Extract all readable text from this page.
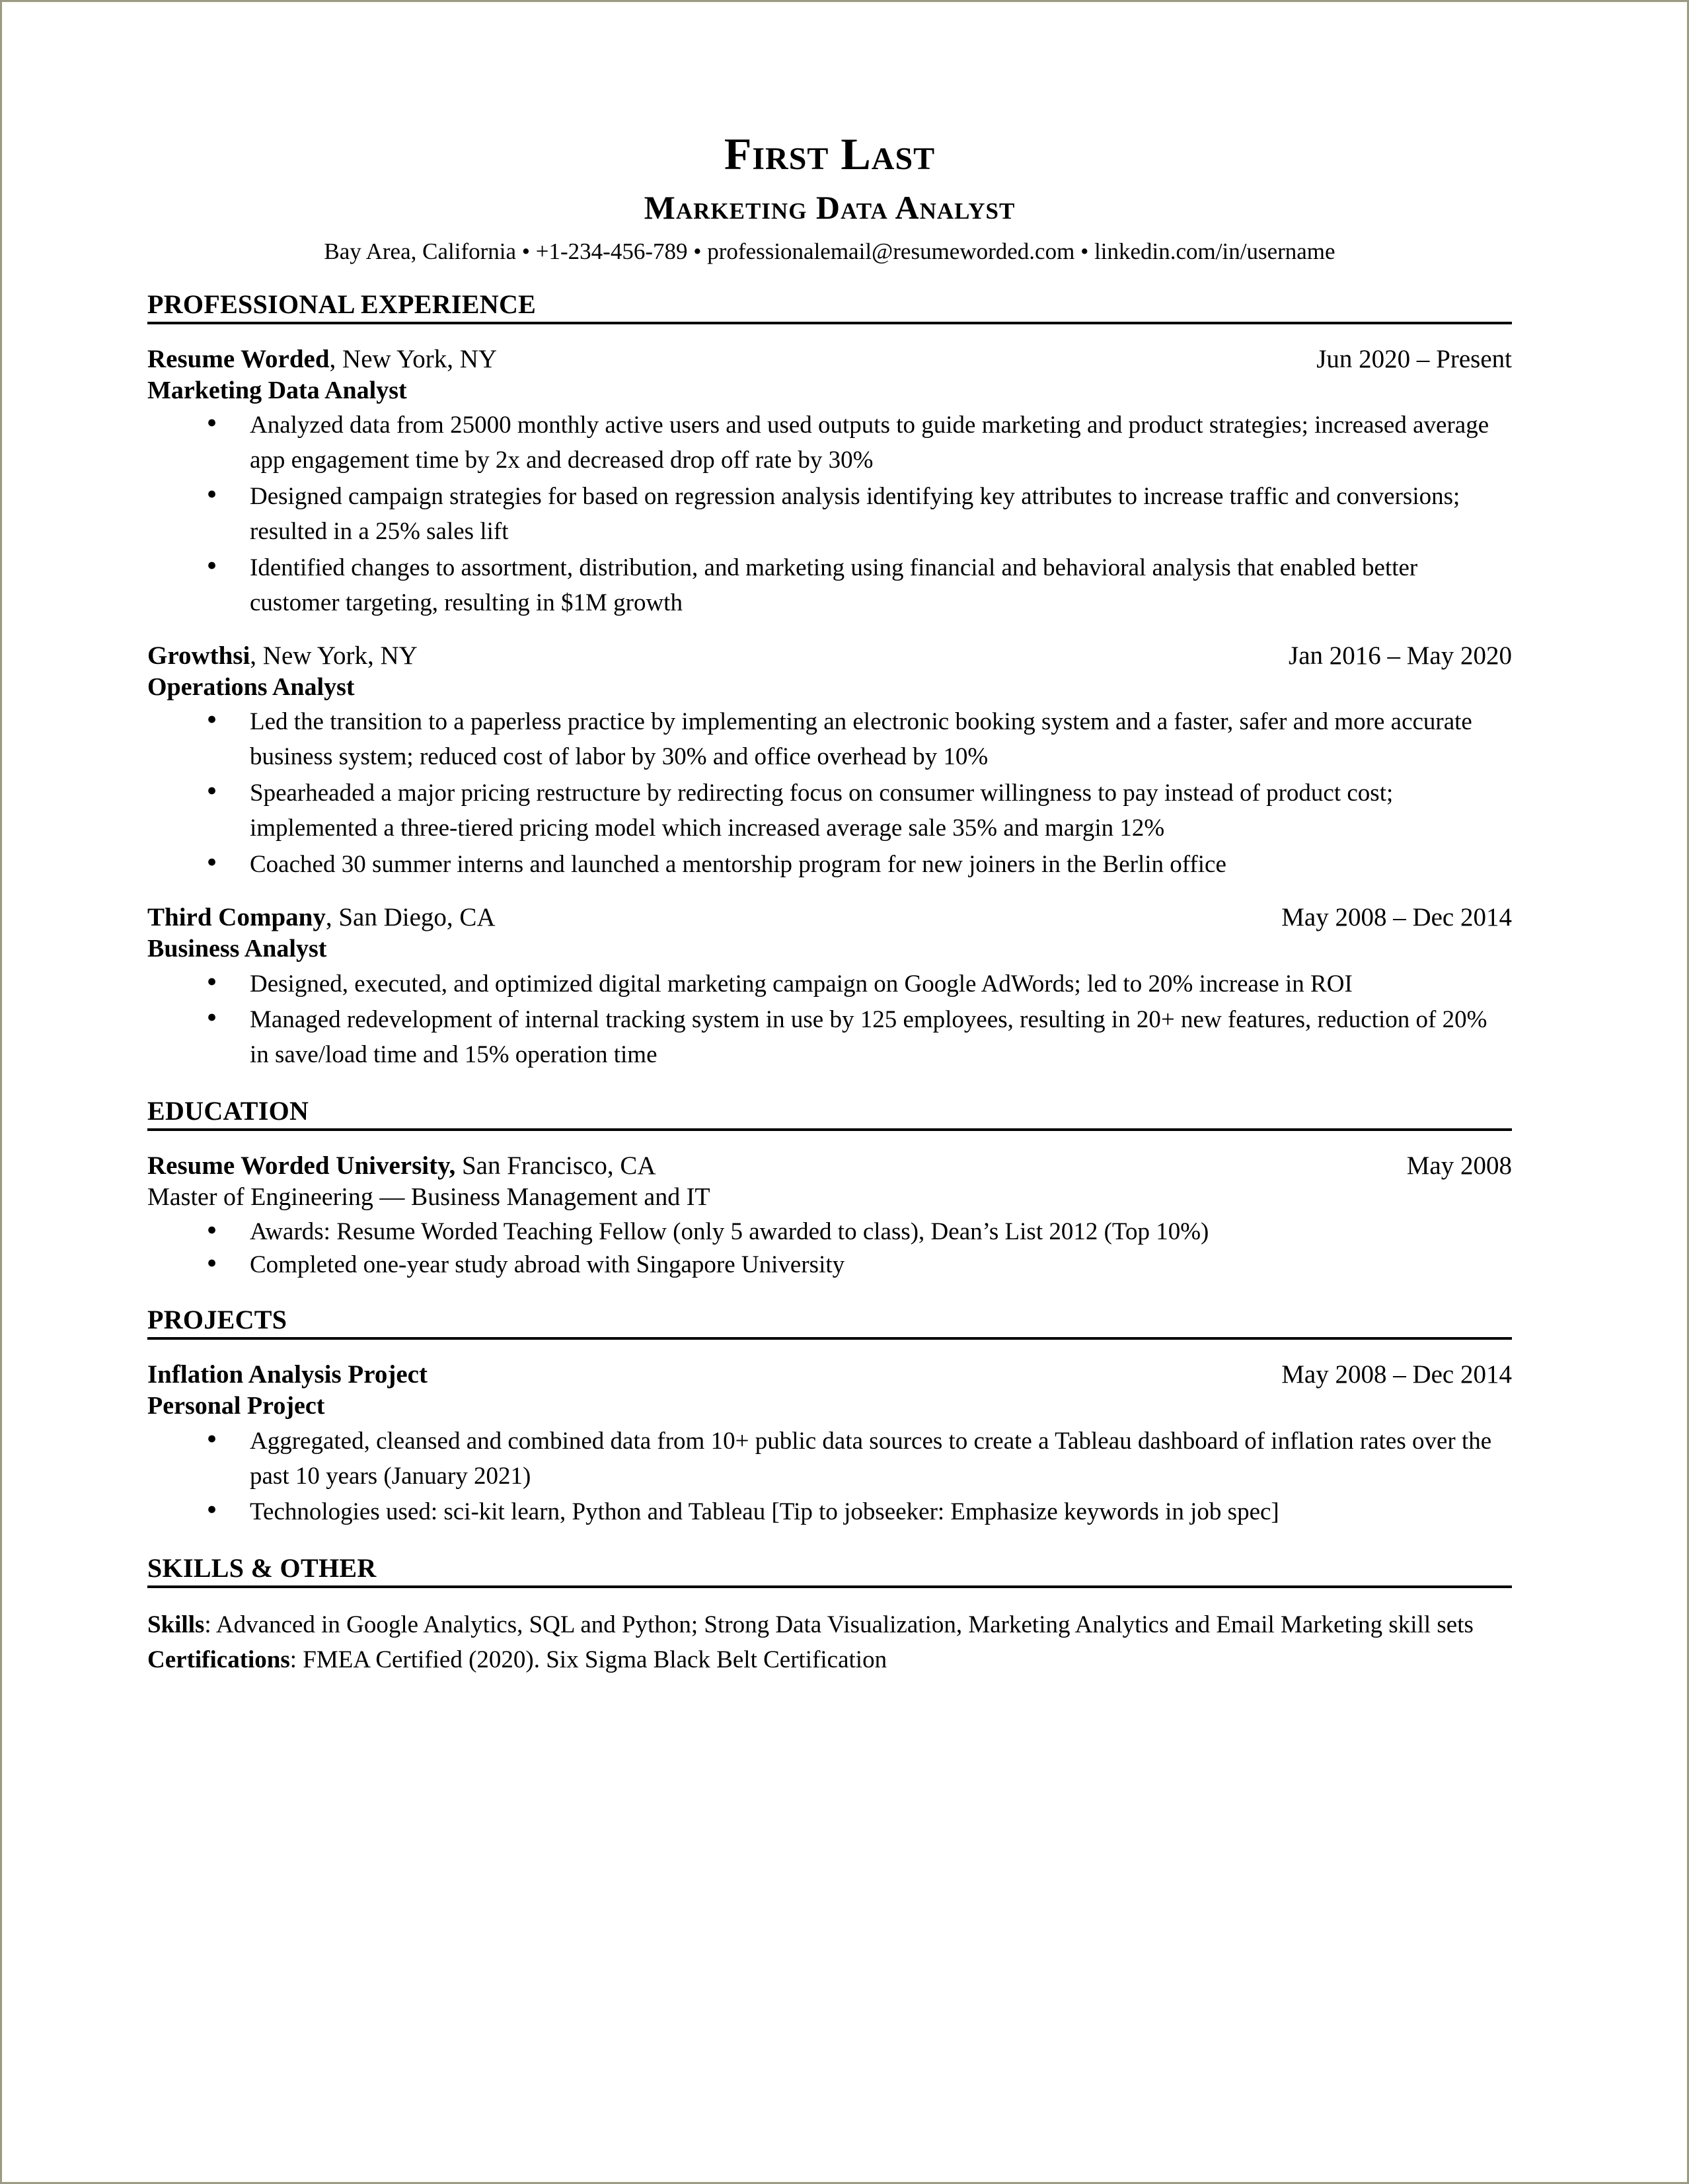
First Last
Marketing Data Analyst
Bay Area, California • +1-234-456-789 • professionalemail@resumeworded.com • linkedin.com/in/username
PROFESSIONAL EXPERIENCE
Resume Worded, New York, NY	Jun 2020 – Present
Marketing Data Analyst
● Analyzed data from 25000 monthly active users and used outputs to guide marketing and product strategies; increased average app engagement time by 2x and decreased drop off rate by 30%
● Designed campaign strategies for based on regression analysis identifying key attributes to increase traffic and conversions; resulted in a 25% sales lift
● Identified changes to assortment, distribution, and marketing using financial and behavioral analysis that enabled better customer targeting, resulting in $1M growth
Growthsi, New York, NY	Jan 2016 – May 2020
Operations Analyst
● Led the transition to a paperless practice by implementing an electronic booking system and a faster, safer and more accurate business system; reduced cost of labor by 30% and office overhead by 10%
● Spearheaded a major pricing restructure by redirecting focus on consumer willingness to pay instead of product cost; implemented a three-tiered pricing model which increased average sale 35% and margin 12%
● Coached 30 summer interns and launched a mentorship program for new joiners in the Berlin office
Third Company, San Diego, CA	May 2008 – Dec 2014
Business Analyst
● Designed, executed, and optimized digital marketing campaign on Google AdWords; led to 20% increase in ROI
● Managed redevelopment of internal tracking system in use by 125 employees, resulting in 20+ new features, reduction of 20% in save/load time and 15% operation time
EDUCATION
Resume Worded University, San Francisco, CA	May 2008
Master of Engineering — Business Management and IT
● Awards: Resume Worded Teaching Fellow (only 5 awarded to class), Dean’s List 2012 (Top 10%)
● Completed one-year study abroad with Singapore University
PROJECTS
Inflation Analysis Project	May 2008 – Dec 2014
Personal Project
● Aggregated, cleansed and combined data from 10+ public data sources to create a Tableau dashboard of inflation rates over the past 10 years (January 2021)
● Technologies used: sci-kit learn, Python and Tableau [Tip to jobseeker: Emphasize keywords in job spec]
SKILLS & OTHER

Skills: Advanced in Google Analytics, SQL and Python; Strong Data Visualization, Marketing Analytics and Email Marketing skill sets

Certifications: FMEA Certified (2020). Six Sigma Black Belt Certification
